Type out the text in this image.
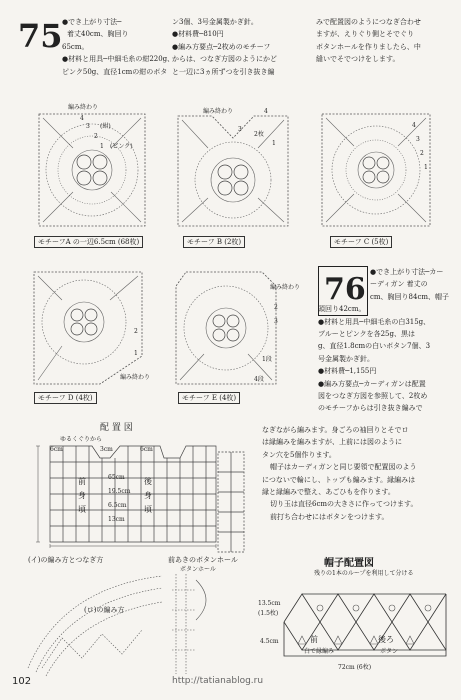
75 ●でき上がり寸法─
着丈40cm、胸回り
65cm。
●材料と用具─中細毛糸の紺220g、
ピンク50g、直径1cmの紺のボタ
ン3個、3号金属製かぎ針。
●材料費─810円
●編み方要点─2枚めのモチーフ
からは、つなぎ方図のようにかど
と一辺に3ヵ所ずつを引き抜き編
みで配置図のようにつなぎ合わせ
ますが、えりぐり側とそでぐり
ボタンホールを作りましたら、中
縫いでそでつけをします。
編み終わり
4
3 (紺)
2
1 (ピンク)
モチーフA の一辺6.5cm (68枚)
編み終わり	4
3
2枚
1
モチーフ B (2枚)
4
3
2
1
モチーフ C (5枚)
2
1
編み終わり
モチーフ D (4枚)
編み終わり
2
3
1段
4段
モチーフ E (4枚)
76 ●でき上がり寸法─カー
ーディガン 着丈の
cm、胸回り84cm、帽子
頭回り42cm。
●材料と用具─中細毛糸の白315g、
ブルーとピンクを各25g、黒は
g、直径1.8cmの白いボタン7個、3
号金属製かぎ針。
●材料費─1,155円
●編み方要点─カーディガンは配置
図をつなぎ方図を参照して、2枚め
のモチーフからは引き抜き編みで
なぎながら編みます。身ごろの袖回りとそでロ
は縁編みを編みますが、上前には図のように
タン穴を5個作ります。
帽子はカーディガンと同じ要領で配置図のよう
につないで輪にし、トップも編みます。縁編みは
縁と縁編みで整え、あごひもを作ります。
切り玉は直径6cmの大きさに作ってつけます。
前打ち合わせにはボタンをつけます。
配 置 図
ゆるくぐりから
6cm	6cm
3cm
前
身
頃
後
身
頃
65cm
19.5cm
6.5cm
13cm
(イ)の編み方とつなぎ方
(ロ)の編み方
前あきのボタンホール
ボタンホール
帽子配置図
残りの1本のループを利用して分ける
13.5cm
(1.5枚)
4.5cm	前	後ろ
白で縁編み	ボタン
72cm (6枚)
102	http://tatianablog.ru
